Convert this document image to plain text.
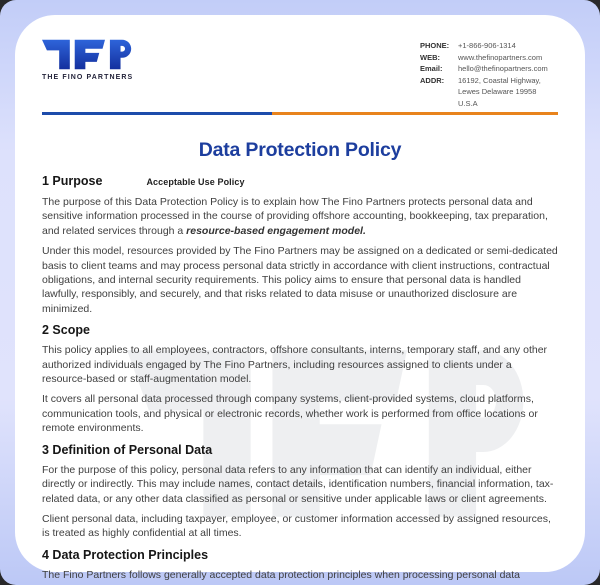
THE FINO PARTNERS
PHONE:	+1-866-906-1314
WEB:	www.thefinopartners.com
Email:	hello@thefinopartners.com
ADDR:	16192, Coastal Highway, Lewes Delaware 19958 U.S.A
Data Protection Policy
1 Purpose	Acceptable Use Policy

The purpose of this Data Protection Policy is to explain how The Fino Partners protects personal data and sensitive information processed in the course of providing offshore accounting, bookkeeping, tax preparation, and related services through a resource-based engagement model.

Under this model, resources provided by The Fino Partners may be assigned on a dedicated or semi-dedicated basis to client teams and may process personal data strictly in accordance with client instructions, contractual obligations, and internal security requirements. This policy aims to ensure that personal data is handled lawfully, responsibly, and securely, and that risks related to data misuse or unauthorized disclosure are minimized.

2 Scope

This policy applies to all employees, contractors, offshore consultants, interns, temporary staff, and any other authorized individuals engaged by The Fino Partners, including resources assigned to clients under a resource-based or staff-augmentation model.

It covers all personal data processed through company systems, client-provided systems, cloud platforms, communication tools, and physical or electronic records, whether work is performed from office locations or remote environments.

3 Definition of Personal Data

For the purpose of this policy, personal data refers to any information that can identify an individual, either directly or indirectly. This may include names, contact details, identification numbers, financial information, tax-related data, or any other data classified as personal or sensitive under applicable laws or client agreements.

Client personal data, including taxpayer, employee, or customer information accessed by assigned resources, is treated as highly confidential at all times.

4 Data Protection Principles

The Fino Partners follows generally accepted data protection principles when processing personal data
